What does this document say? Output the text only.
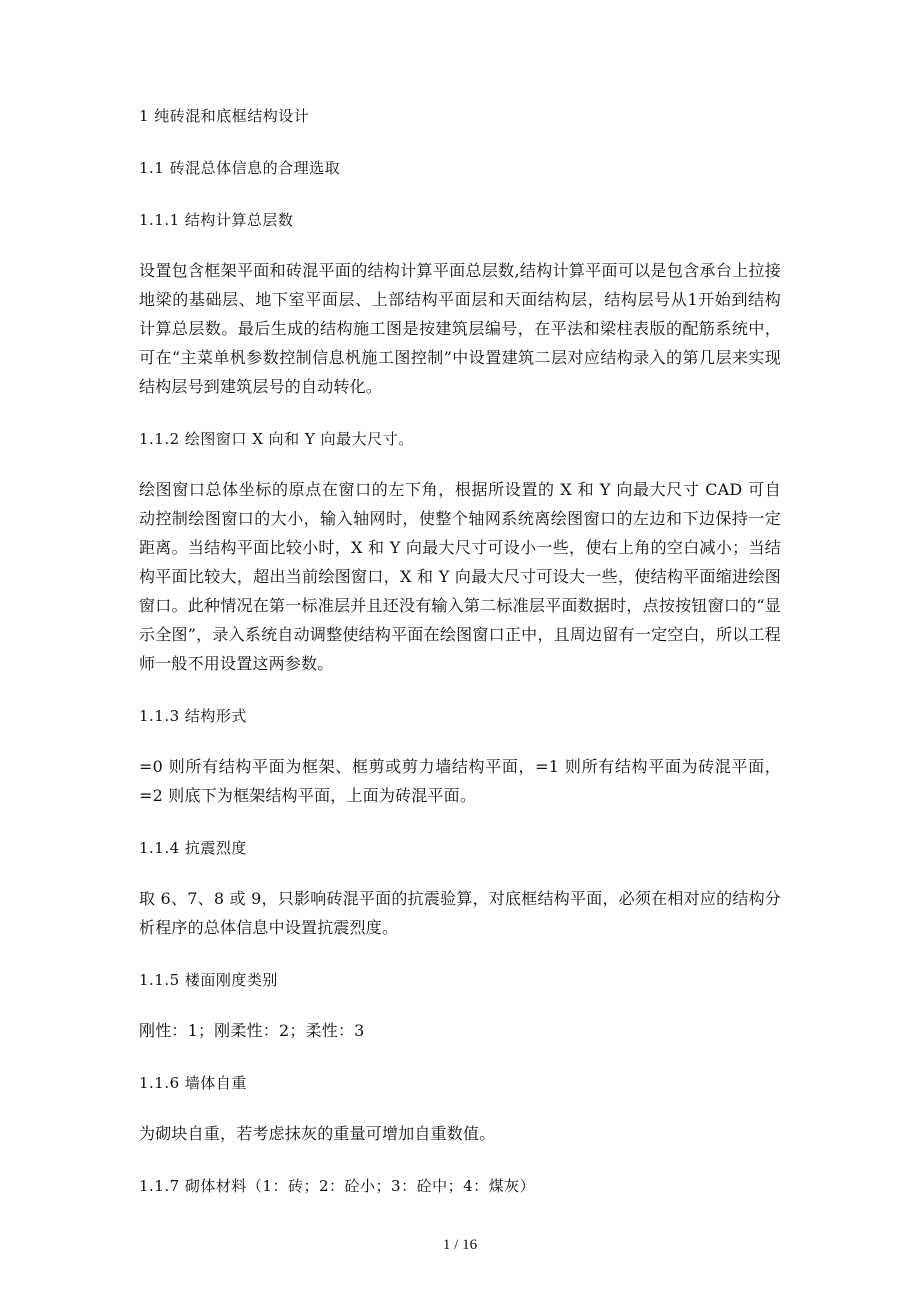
1 纯砖混和底框结构设计
1.1 砖混总体信息的合理选取
1.1.1 结构计算总层数
设置包含框架平面和砖混平面的结构计算平面总层数,结构计算平面可以是包含承台上拉接地梁的基础层、地下室平面层、上部结构平面层和天面结构层，结构层号从1开始到结构计算总层数。最后生成的结构施工图是按建筑层编号，在平法和梁柱表版的配筋系统中，可在“主菜单杋参数控制信息杋施工图控制”中设置建筑二层对应结构录入的第几层来实现结构层号到建筑层号的自动转化。
1.1.2 绘图窗口 X 向和 Y 向最大尺寸。
绘图窗口总体坐标的原点在窗口的左下角，根据所设置的 X 和 Y 向最大尺寸 CAD 可自动控制绘图窗口的大小，输入轴网时，使整个轴网系统离绘图窗口的左边和下边保持一定距离。当结构平面比较小时，X 和 Y 向最大尺寸可设小一些，使右上角的空白减小；当结构平面比较大，超出当前绘图窗口，X 和 Y 向最大尺寸可设大一些，使结构平面缩进绘图窗口。此种情况在第一标准层并且还没有输入第二标准层平面数据时，点按按钮窗口的“显示全图”，录入系统自动调整使结构平面在绘图窗口正中，且周边留有一定空白，所以工程师一般不用设置这两参数。
1.1.3 结构形式
=0 则所有结构平面为框架、框剪或剪力墙结构平面，=1 则所有结构平面为砖混平面，=2 则底下为框架结构平面，上面为砖混平面。
1.1.4 抗震烈度
取 6、7、8 或 9，只影响砖混平面的抗震验算，对底框结构平面，必须在相对应的结构分析程序的总体信息中设置抗震烈度。
1.1.5 楼面刚度类别
刚性：1；刚柔性：2；柔性：3
1.1.6 墙体自重
为砌块自重，若考虑抹灰的重量可增加自重数值。
1.1.7 砌体材料（1：砖；2：砼小；3：砼中；4：煤灰）
1 / 16
